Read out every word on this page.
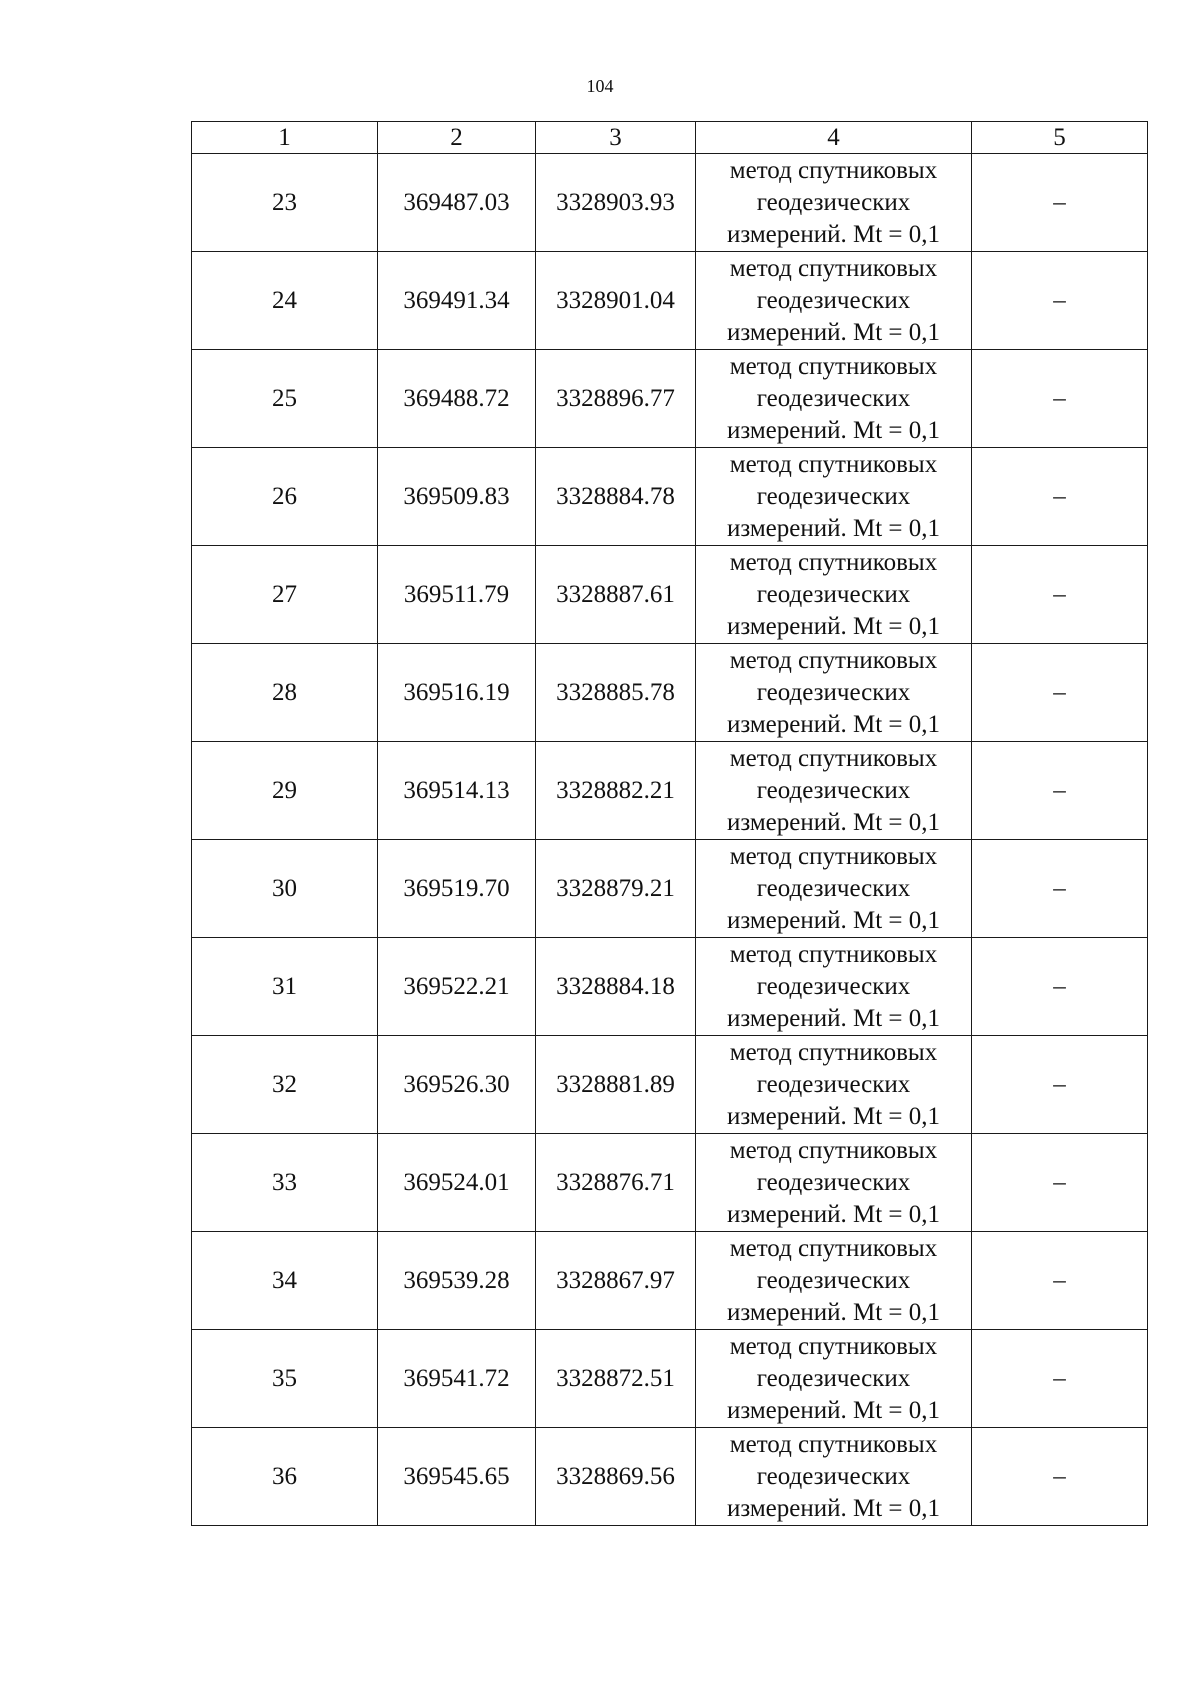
104
1	2	3	4	5
23	369487.03	3328903.93	метод спутниковых
геодезических
измерений. Mt = 0,1	–
24	369491.34	3328901.04	метод спутниковых
геодезических
измерений. Mt = 0,1	–
25	369488.72	3328896.77	метод спутниковых
геодезических
измерений. Mt = 0,1	–
26	369509.83	3328884.78	метод спутниковых
геодезических
измерений. Mt = 0,1	–
27	369511.79	3328887.61	метод спутниковых
геодезических
измерений. Mt = 0,1	–
28	369516.19	3328885.78	метод спутниковых
геодезических
измерений. Mt = 0,1	–
29	369514.13	3328882.21	метод спутниковых
геодезических
измерений. Mt = 0,1	–
30	369519.70	3328879.21	метод спутниковых
геодезических
измерений. Mt = 0,1	–
31	369522.21	3328884.18	метод спутниковых
геодезических
измерений. Mt = 0,1	–
32	369526.30	3328881.89	метод спутниковых
геодезических
измерений. Mt = 0,1	–
33	369524.01	3328876.71	метод спутниковых
геодезических
измерений. Mt = 0,1	–
34	369539.28	3328867.97	метод спутниковых
геодезических
измерений. Mt = 0,1	–
35	369541.72	3328872.51	метод спутниковых
геодезических
измерений. Mt = 0,1	–
36	369545.65	3328869.56	метод спутниковых
геодезических
измерений. Mt = 0,1	–
